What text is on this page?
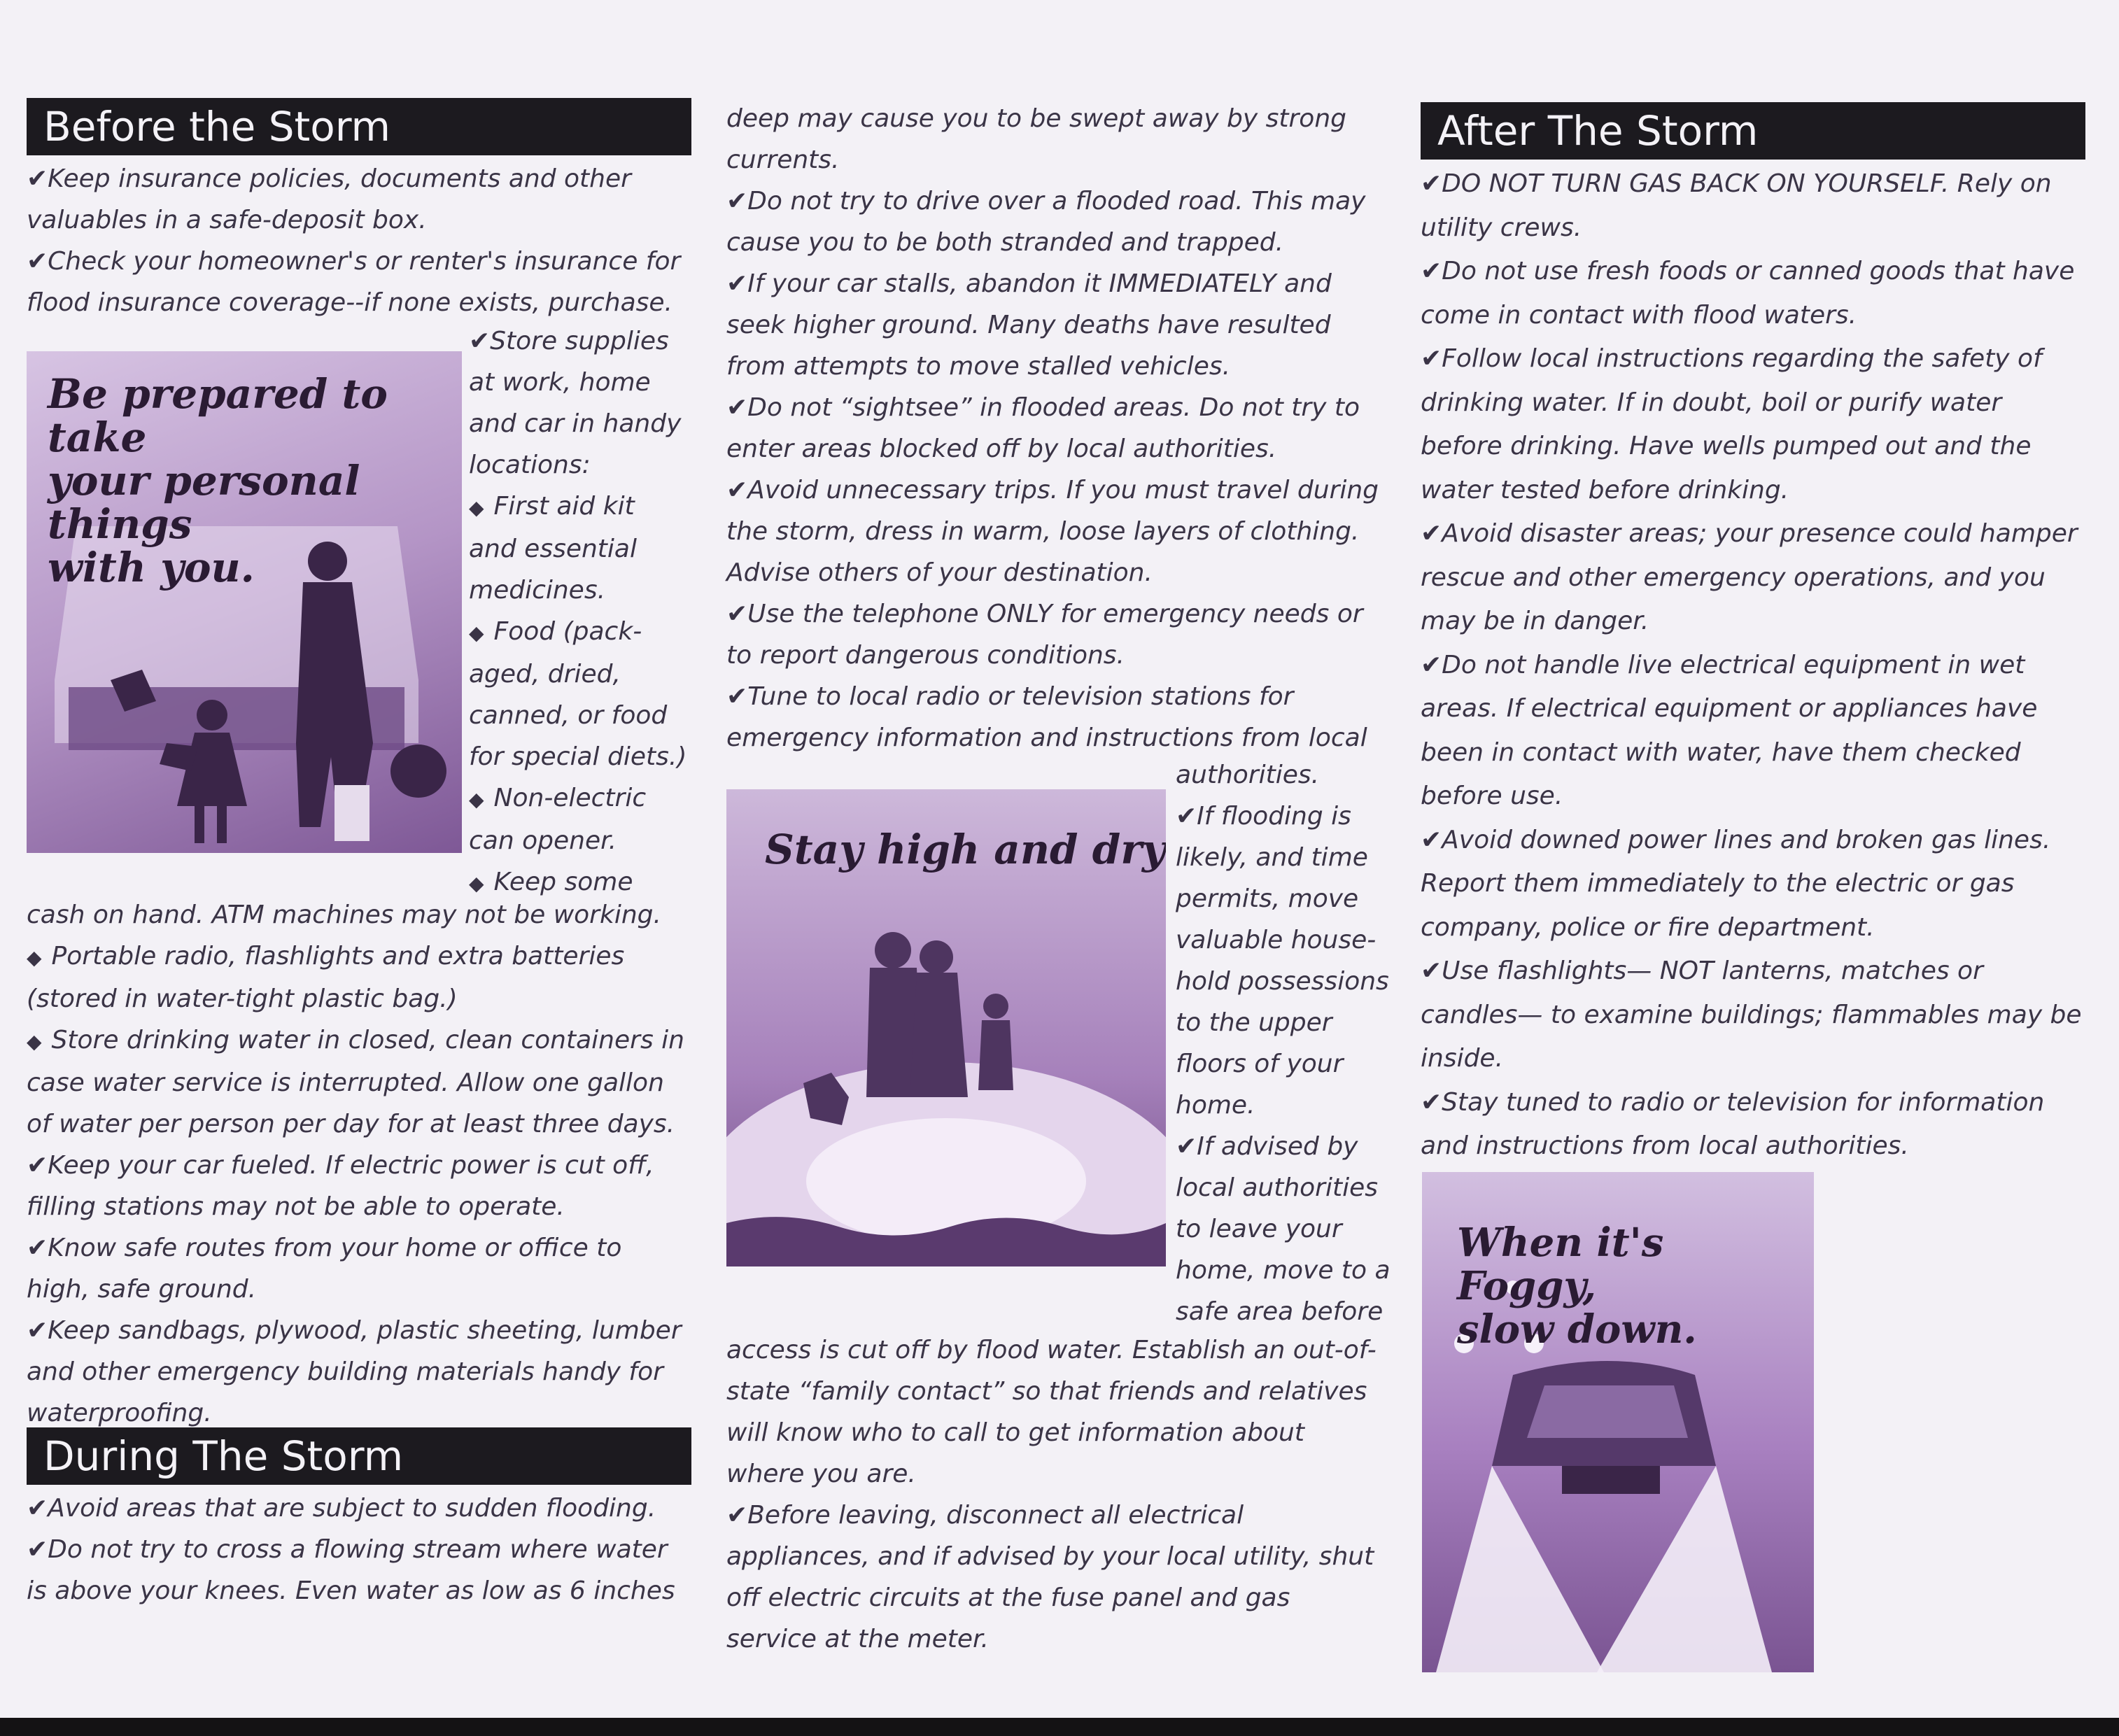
Before the Storm

✔Keep insurance policies, documents and other valuables in a safe-deposit box.

✔Check your homeowner's or renter's insurance for flood insurance coverage--if none exists, purchase.

✔Store supplies
at work, home
and car in handy
locations:
◆ First aid kit
and essential
medicines.
◆ Food (pack-
aged, dried,
canned, or food
for special diets.)
◆ Non-electric
can opener.
◆ Keep some
Be prepared to take
your personal things
with you.

cash on hand. ATM machines may not be working.

◆ Portable radio, flashlights and extra batteries (stored in water-tight plastic bag.)

◆ Store drinking water in closed, clean containers in case water service is interrupted. Allow one gallon of water per person per day for at least three days.

✔Keep your car fueled. If electric power is cut off, filling stations may not be able to operate.

✔Know safe routes from your home or office to high, safe ground.

✔Keep sandbags, plywood, plastic sheeting, lumber and other emergency building materials handy for waterproofing.

During The Storm

✔Avoid areas that are subject to sudden flooding.

✔Do not try to cross a flowing stream where water is above your knees. Even water as low as 6 inches

deep may cause you to be swept away by strong currents.

✔Do not try to drive over a flooded road. This may cause you to be both stranded and trapped.

✔If your car stalls, abandon it IMMEDIATELY and seek higher ground. Many deaths have resulted from attempts to move stalled vehicles.

✔Do not “sightsee” in flooded areas. Do not try to enter areas blocked off by local authorities.

✔Avoid unnecessary trips. If you must travel during the storm, dress in warm, loose layers of clothing. Advise others of your destination.

✔Use the telephone ONLY for emergency needs or to report dangerous conditions.

✔Tune to local radio or television stations for emergency information and instructions from local

authorities.
✔If flooding is
likely, and time
permits, move
valuable house-
hold possessions
to the upper
floors of your
home.
✔If advised by
local authorities
to leave your
home, move to a
safe area before
Stay high and dry

access is cut off by flood water. Establish an out-of- state “family contact” so that friends and relatives will know who to call to get information about where you are.

✔Before leaving, disconnect all electrical appliances, and if advised by your local utility, shut off electric circuits at the fuse panel and gas service at the meter.

After The Storm

✔DO NOT TURN GAS BACK ON YOURSELF. Rely on utility crews.

✔Do not use fresh foods or canned goods that have come in contact with flood waters.

✔Follow local instructions regarding the safety of drinking water. If in doubt, boil or purify water before drinking. Have wells pumped out and the water tested before drinking.

✔Avoid disaster areas; your presence could hamper rescue and other emergency operations, and you may be in danger.

✔Do not handle live electrical equipment in wet areas. If electrical equipment or appliances have been in contact with water, have them checked before use.

✔Avoid downed power lines and broken gas lines. Report them immediately to the electric or gas company, police or fire department.

✔Use flashlights— NOT lanterns, matches or candles— to examine buildings; flammables may be inside.

✔Stay tuned to radio or television for information and instructions from local authorities.

When it's Foggy,
slow down.
